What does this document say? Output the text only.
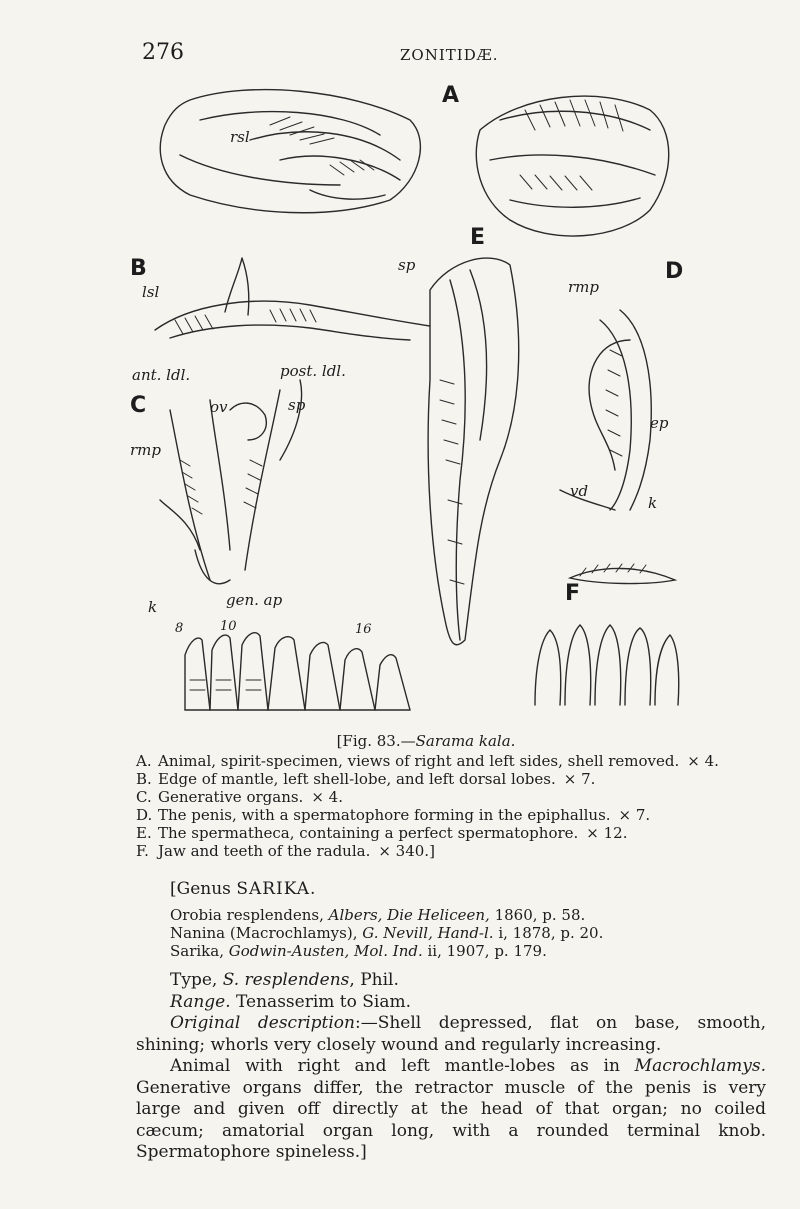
276	ZONITIDÆ.
A
B
C
D
E
F
rsl
lsl
ant. ldl.	post. ldl.
ov	sp
rmp
k	gen. ap
sp
rmp
ep
vd
k
8	10	16
[Fig. 83.—Sarama kala.
A. Animal, spirit-specimen, views of right and left sides, shell removed. × 4.
B. Edge of mantle, left shell-lobe, and left dorsal lobes. × 7.
C. Generative organs. × 4.
D. The penis, with a spermatophore forming in the epiphallus. × 7.
E. The spermatheca, containing a perfect spermatophore. × 12.
F. Jaw and teeth of the radula. × 340.]
[Genus SARIKA.
Orobia resplendens, Albers, Die Heliceen, 1860, p. 58.
Nanina (Macrochlamys), G. Nevill, Hand-l. i, 1878, p. 20.
Sarika, Godwin-Austen, Mol. Ind. ii, 1907, p. 179.

Type, S. resplendens, Phil.

Range. Tenasserim to Siam.

Original description:—Shell depressed, flat on base, smooth,

shining; whorls very closely wound and regularly increasing.

Animal with right and left mantle-lobes as in Macrochlamys.

Generative organs differ, the retractor muscle of the penis is very

large and given off directly at the head of that organ; no coiled

cæcum; amatorial organ long, with a rounded terminal knob.

Spermatophore spineless.]
